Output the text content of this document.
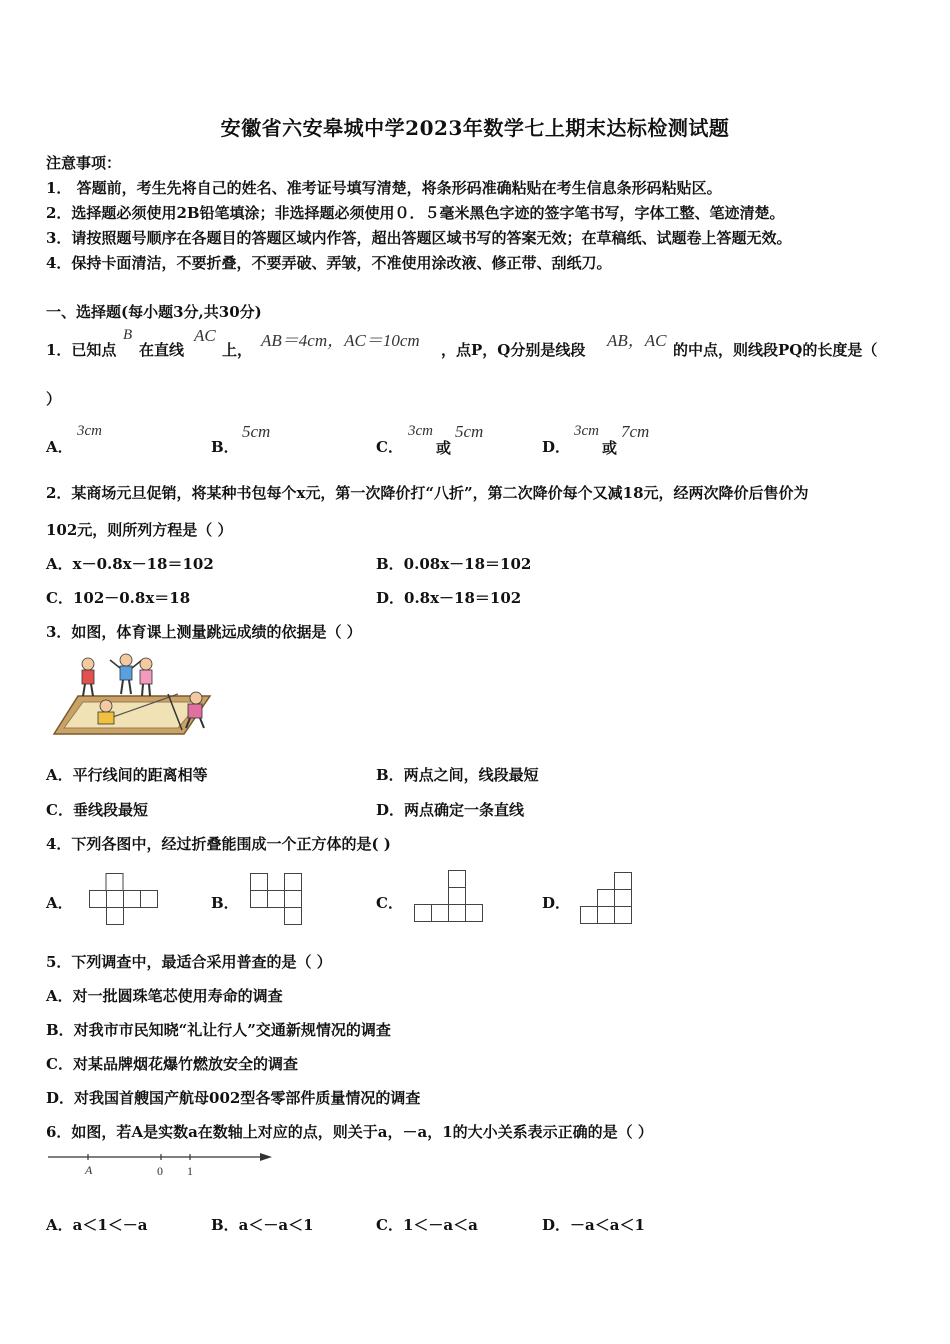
安徽省六安皋城中学2023年数学七上期末达标检测试题
注意事项：
1． 答题前，考生先将自己的姓名、准考证号填写清楚，将条形码准确粘贴在考生信息条形码粘贴区。
2．选择题必须使用2B铅笔填涂；非选择题必须使用０．５毫米黑色字迹的签字笔书写，字体工整、笔迹清楚。
3．请按照题号顺序在各题目的答题区域内作答，超出答题区域书写的答案无效；在草稿纸、试题卷上答题无效。
4．保持卡面清洁，不要折叠，不要弄破、弄皱，不准使用涂改液、修正带、刮纸刀。
一、选择题(每小题3分,共30分)
1．已知点
B
在直线
AC
上， AB＝4cm，AC＝10cm ，点P，Q分别是线段 AB，AC 的中点，则线段PQ的长度是（
）
A．
3cm
B．
5cm
C．
3cm
或
5cm
D．
3cm
或
7cm
2．某商场元旦促销，将某种书包每个x元，第一次降价打“八折”，第二次降价每个又减18元，经两次降价后售价为
102元，则所列方程是（ ）
A．x－0.8x－18＝102	B．0.08x－18＝102
C．102－0.8x＝18	D．0.8x－18＝102
3．如图，体育课上测量跳远成绩的依据是（ ）
A．平行线间的距离相等	B．两点之间，线段最短
C．垂线段最短	D．两点确定一条直线
4．下列各图中，经过折叠能围成一个正方体的是( )
A．	B．	C．	D．
5．下列调查中，最适合采用普查的是（ ）
A．对一批圆珠笔芯使用寿命的调查
B．对我市市民知晓“礼让行人”交通新规情况的调查
C．对某品牌烟花爆竹燃放安全的调查
D．对我国首艘国产航母002型各零部件质量情况的调查
6．如图，若A是实数a在数轴上对应的点，则关于a，－a，1的大小关系表示正确的是（ ）
A	0 1
A．a＜1＜－a	B．a＜－a＜1	C．1＜－a＜a	D．－a＜a＜1
